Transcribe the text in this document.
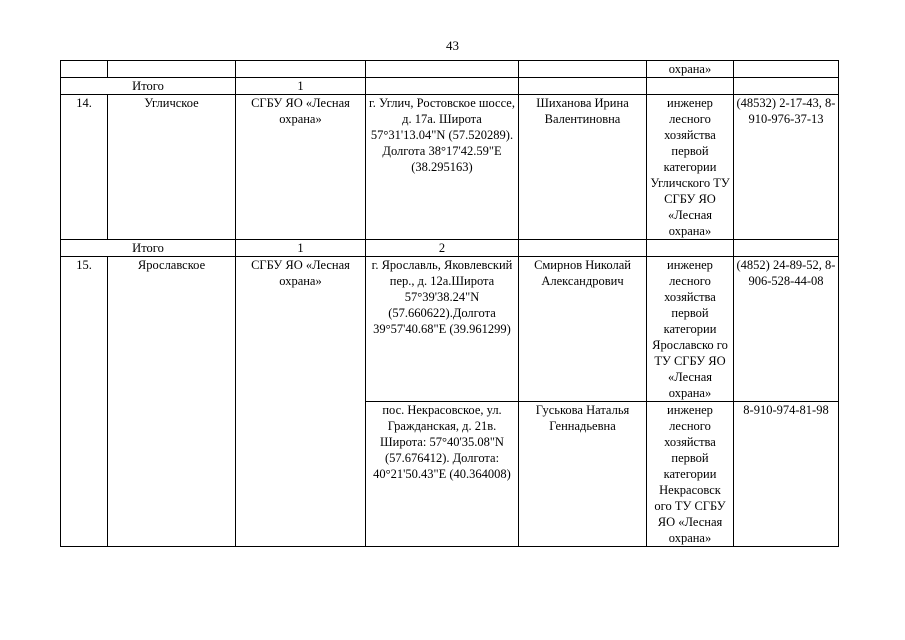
43
					охрана»	
Итого		1				
14.	Угличское	СГБУ ЯО «Лесная охрана»	г. Углич, Ростовское шоссе, д. 17а. Широта 57°31'13.04"N (57.520289). Долгота 38°17'42.59"E (38.295163)	Шиханова Ирина Валентиновна	инженер лесного хозяйства первой категории Угличского ТУ СГБУ ЯО «Лесная охрана»	(48532) 2-17-43, 8-910-976-37-13
Итого		1	2			
15.	Ярославское	СГБУ ЯО «Лесная охрана»	г. Ярославль, Яковлевский пер., д. 12а.Широта 57°39'38.24"N (57.660622).Долгота 39°57'40.68"E (39.961299)	Смирнов Николай Александрович	инженер лесного хозяйства первой категории Ярославско го ТУ СГБУ ЯО «Лесная охрана»	(4852) 24-89-52, 8-906-528-44-08
			пос. Некрасовское, ул. Гражданская, д. 21в. Широта: 57°40'35.08"N (57.676412). Долгота: 40°21'50.43"E (40.364008)	Гуськова Наталья Геннадьевна	инженер лесного хозяйства первой категории Некрасовск ого ТУ СГБУ ЯО «Лесная охрана»	8-910-974-81-98
